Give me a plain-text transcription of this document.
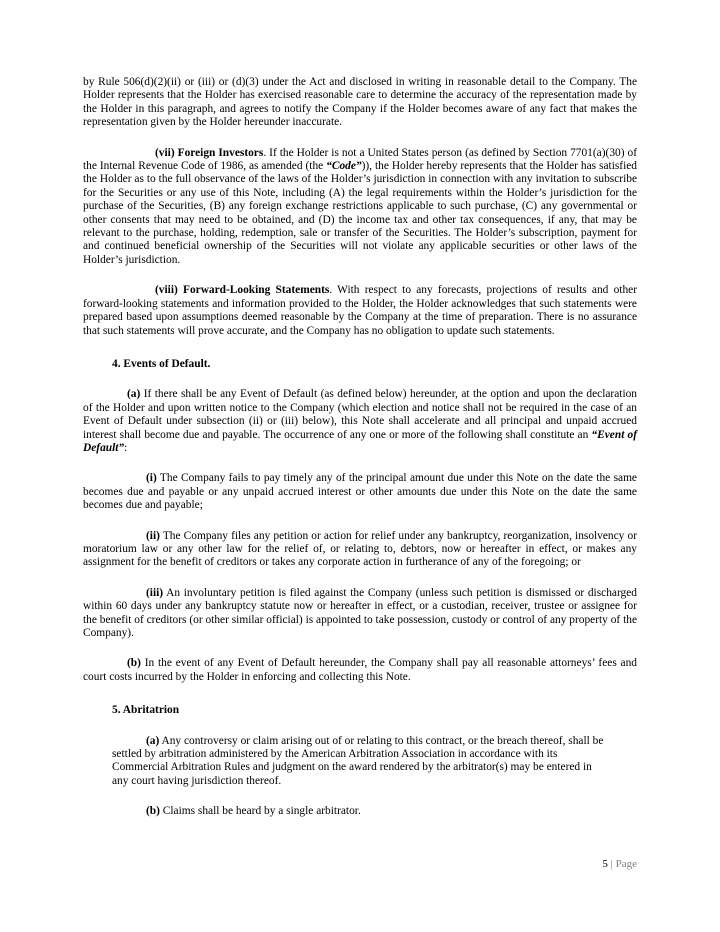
by Rule 506(d)(2)(ii) or (iii) or (d)(3) under the Act and disclosed in writing in reasonable detail to the Company. The Holder represents that the Holder has exercised reasonable care to determine the accuracy of the representation made by the Holder in this paragraph, and agrees to notify the Company if the Holder becomes aware of any fact that makes the representation given by the Holder hereunder inaccurate.

(vii) Foreign Investors. If the Holder is not a United States person (as defined by Section 7701(a)(30) of the Internal Revenue Code of 1986, as amended (the “Code”)), the Holder hereby represents that the Holder has satisfied the Holder as to the full observance of the laws of the Holder’s jurisdiction in connection with any invitation to subscribe for the Securities or any use of this Note, including (A) the legal requirements within the Holder’s jurisdiction for the purchase of the Securities, (B) any foreign exchange restrictions applicable to such purchase, (C) any governmental or other consents that may need to be obtained, and (D) the income tax and other tax consequences, if any, that may be relevant to the purchase, holding, redemption, sale or transfer of the Securities. The Holder’s subscription, payment for and continued beneficial ownership of the Securities will not violate any applicable securities or other laws of the Holder’s jurisdiction.

(viii) Forward-Looking Statements. With respect to any forecasts, projections of results and other forward-looking statements and information provided to the Holder, the Holder acknowledges that such statements were prepared based upon assumptions deemed reasonable by the Company at the time of preparation. There is no assurance that such statements will prove accurate, and the Company has no obligation to update such statements.

4. Events of Default.

(a) If there shall be any Event of Default (as defined below) hereunder, at the option and upon the declaration of the Holder and upon written notice to the Company (which election and notice shall not be required in the case of an Event of Default under subsection (ii) or (iii) below), this Note shall accelerate and all principal and unpaid accrued interest shall become due and payable. The occurrence of any one or more of the following shall constitute an “Event of Default”:

(i) The Company fails to pay timely any of the principal amount due under this Note on the date the same becomes due and payable or any unpaid accrued interest or other amounts due under this Note on the date the same becomes due and payable;

(ii) The Company files any petition or action for relief under any bankruptcy, reorganization, insolvency or moratorium law or any other law for the relief of, or relating to, debtors, now or hereafter in effect, or makes any assignment for the benefit of creditors or takes any corporate action in furtherance of any of the foregoing; or

(iii) An involuntary petition is filed against the Company (unless such petition is dismissed or discharged within 60 days under any bankruptcy statute now or hereafter in effect, or a custodian, receiver, trustee or assignee for the benefit of creditors (or other similar official) is appointed to take possession, custody or control of any property of the Company).

(b) In the event of any Event of Default hereunder, the Company shall pay all reasonable attorneys’ fees and court costs incurred by the Holder in enforcing and collecting this Note.

5. Abritatrion

(a) Any controversy or claim arising out of or relating to this contract, or the breach thereof, shall be settled by arbitration administered by the American Arbitration Association in accordance with its Commercial Arbitration Rules and judgment on the award rendered by the arbitrator(s) may be entered in any court having jurisdiction thereof.

(b) Claims shall be heard by a single arbitrator.

5 | Page
